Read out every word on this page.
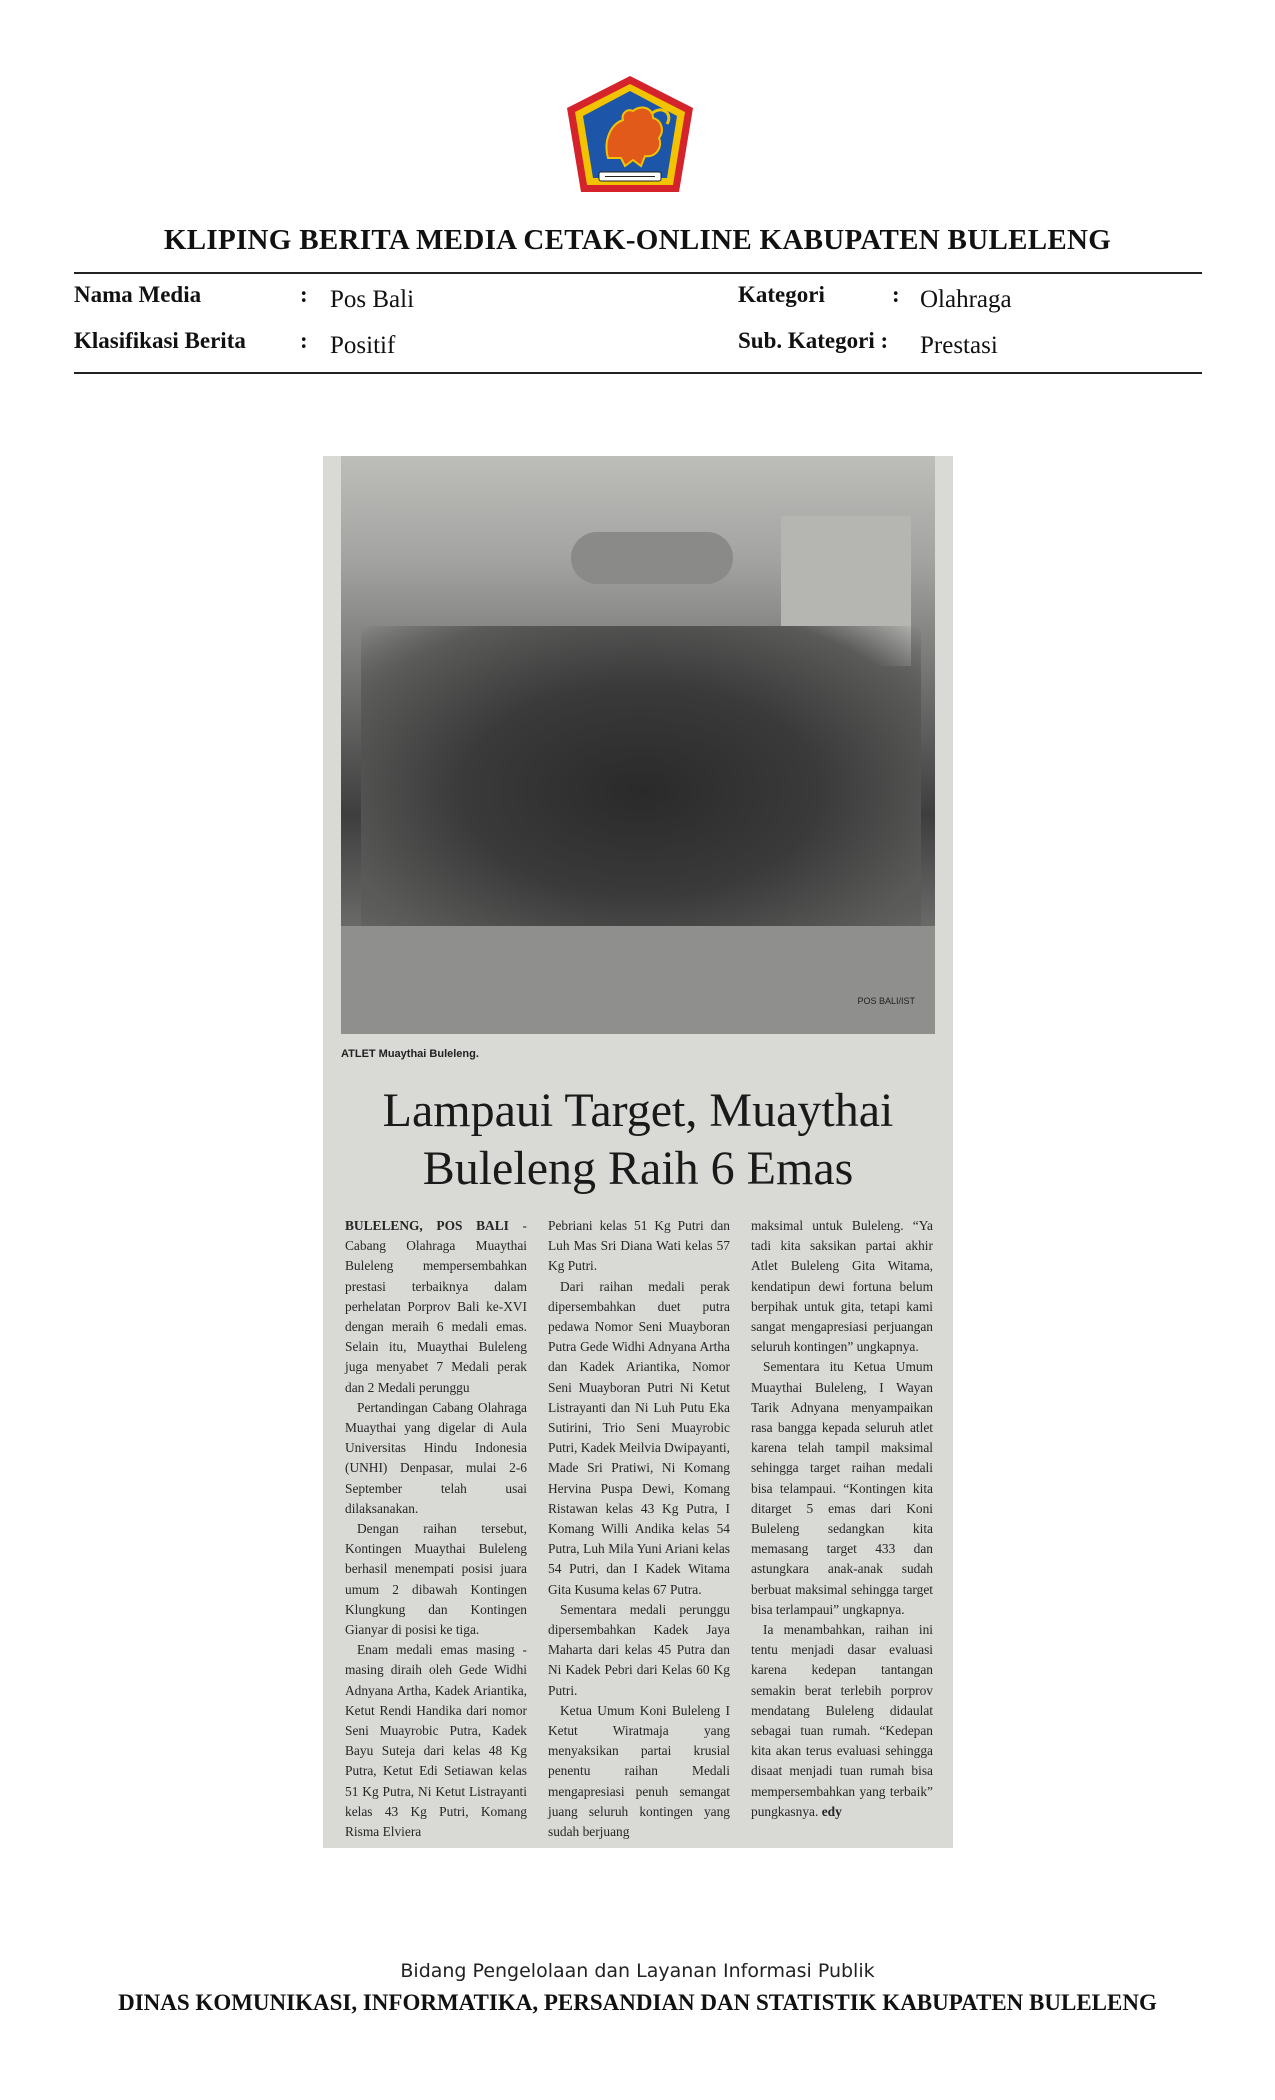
KLIPING BERITA MEDIA CETAK-ONLINE KABUPATEN BULELENG
Nama Media	: Pos Bali
Klasifikasi Berita : Positif
Kategori	: Olahraga
Sub. Kategori : Prestasi
POS BALI/IST
ATLET Muaythai Buleleng.
Lampaui Target, Muaythai
Buleleng Raih 6 Emas

BULELENG, POS BALI - Cabang Olahraga Muaythai Buleleng mempersembahkan prestasi terbaiknya dalam perhelatan Porprov Bali ke-XVI dengan meraih 6 medali emas. Selain itu, Muaythai Buleleng juga menyabet 7 Medali perak dan 2 Medali perunggu

Pertandingan Cabang Olahraga Muaythai yang digelar di Aula Universitas Hindu Indonesia (UNHI) Denpasar, mulai 2-6 September telah usai dilaksanakan.

Dengan raihan tersebut, Kontingen Muaythai Buleleng berhasil menempati posisi juara umum 2 dibawah Kontingen Klungkung dan Kontingen Gianyar di posisi ke tiga.

Enam medali emas masing -masing diraih oleh Gede Widhi Adnyana Artha, Kadek Ariantika, Ketut Rendi Handika dari nomor Seni Muayrobic Putra, Kadek Bayu Suteja dari kelas 48 Kg Putra, Ketut Edi Setiawan kelas 51 Kg Putra, Ni Ketut Listrayanti kelas 43 Kg Putri, Komang Risma Elviera

Pebriani kelas 51 Kg Putri dan Luh Mas Sri Diana Wati kelas 57 Kg Putri.

Dari raihan medali perak dipersembahkan duet putra pedawa Nomor Seni Muayboran Putra Gede Widhi Adnyana Artha dan Kadek Ariantika, Nomor Seni Muayboran Putri Ni Ketut Listrayanti dan Ni Luh Putu Eka Sutirini, Trio Seni Muayrobic Putri, Kadek Meilvia Dwipayanti, Made Sri Pratiwi, Ni Komang Hervina Puspa Dewi, Komang Ristawan kelas 43 Kg Putra, I Komang Willi Andika kelas 54 Putra, Luh Mila Yuni Ariani kelas 54 Putri, dan I Kadek Witama Gita Kusuma kelas 67 Putra.

Sementara medali perunggu dipersembahkan Kadek Jaya Maharta dari kelas 45 Putra dan Ni Kadek Pebri dari Kelas 60 Kg Putri.

Ketua Umum Koni Buleleng I Ketut Wiratmaja yang menyaksikan partai krusial penentu raihan Medali mengapresiasi penuh semangat juang seluruh kontingen yang sudah berjuang

maksimal untuk Buleleng. “Ya tadi kita saksikan partai akhir Atlet Buleleng Gita Witama, kendatipun dewi fortuna belum berpihak untuk gita, tetapi kami sangat mengapresiasi perjuangan seluruh kontingen” ungkapnya.

Sementara itu Ketua Umum Muaythai Buleleng, I Wayan Tarik Adnyana menyampaikan rasa bangga kepada seluruh atlet karena telah tampil maksimal sehingga target raihan medali bisa telampaui. “Kontingen kita ditarget 5 emas dari Koni Buleleng sedangkan kita memasang target 433 dan astungkara anak-anak sudah berbuat maksimal sehingga target bisa terlampaui” ungkapnya.

Ia menambahkan, raihan ini tentu menjadi dasar evaluasi karena kedepan tantangan semakin berat terlebih porprov mendatang Buleleng didaulat sebagai tuan rumah. “Kedepan kita akan terus evaluasi sehingga disaat menjadi tuan rumah bisa mempersembahkan yang terbaik” pungkasnya. edy

Bidang Pengelolaan dan Layanan Informasi Publik
DINAS KOMUNIKASI, INFORMATIKA, PERSANDIAN DAN STATISTIK KABUPATEN BULELENG
